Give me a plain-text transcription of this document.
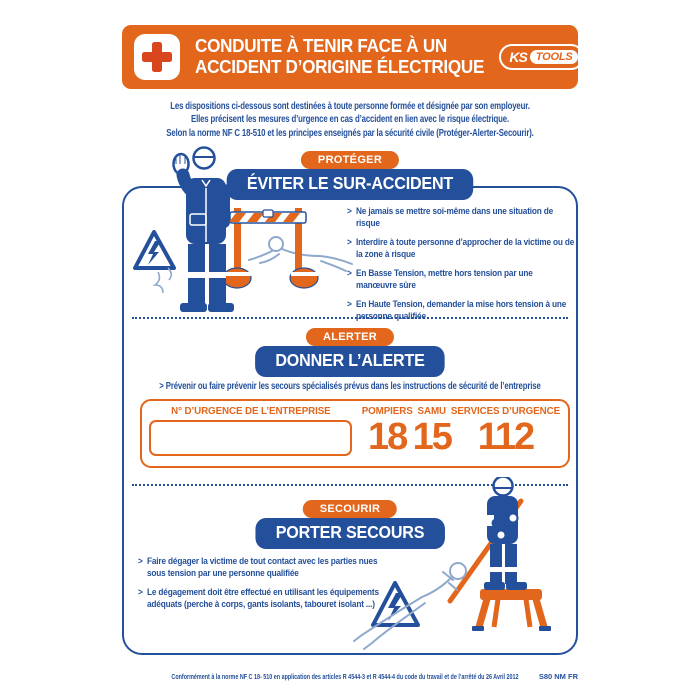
CONDUITE À TENIR FACE À UN
ACCIDENT D’ORIGINE ÉLECTRIQUE KS TOOLS
Les dispositions ci-dessous sont destinées à toute personne formée et désignée par son employeur.
Elles précisent les mesures d’urgence en cas d’accident en lien avec le risque électrique.
Selon la norme NF C 18-510 et les principes enseignés par la sécurité civile (Protéger-Alerter-Secourir).
PROTÉGER
ÉVITER LE SUR-ACCIDENT
> Ne jamais se mettre soi-même dans une situation de risque
> Interdire à toute personne d’approcher de la victime ou de la zone à risque
> En Basse Tension, mettre hors tension par une manœuvre sûre
> En Haute Tension, demander la mise hors tension à une personne qualifiée
ALERTER
DONNER L’ALERTE
> Prévenir ou faire prévenir les secours spécialisés prévus dans les instructions de sécurité de l’entreprise
N° D’URGENCE DE L’ENTREPRISE	POMPIERS
18
SAMU
15
SERVICES D’URGENCE
112
SECOURIR
PORTER SECOURS
> Faire dégager la victime de tout contact avec les parties nues sous tension par une personne qualifiée
> Le dégagement doit être effectué en utilisant les équipements adéquats (perche à corps, gants isolants, tabouret isolant ...)
Conformément à la norme NF C 18- 510 en application des articles R 4544-3 et R 4544-4 du code du travail et de l’arrêté du 26 Avril 2012	S80 NM FR
